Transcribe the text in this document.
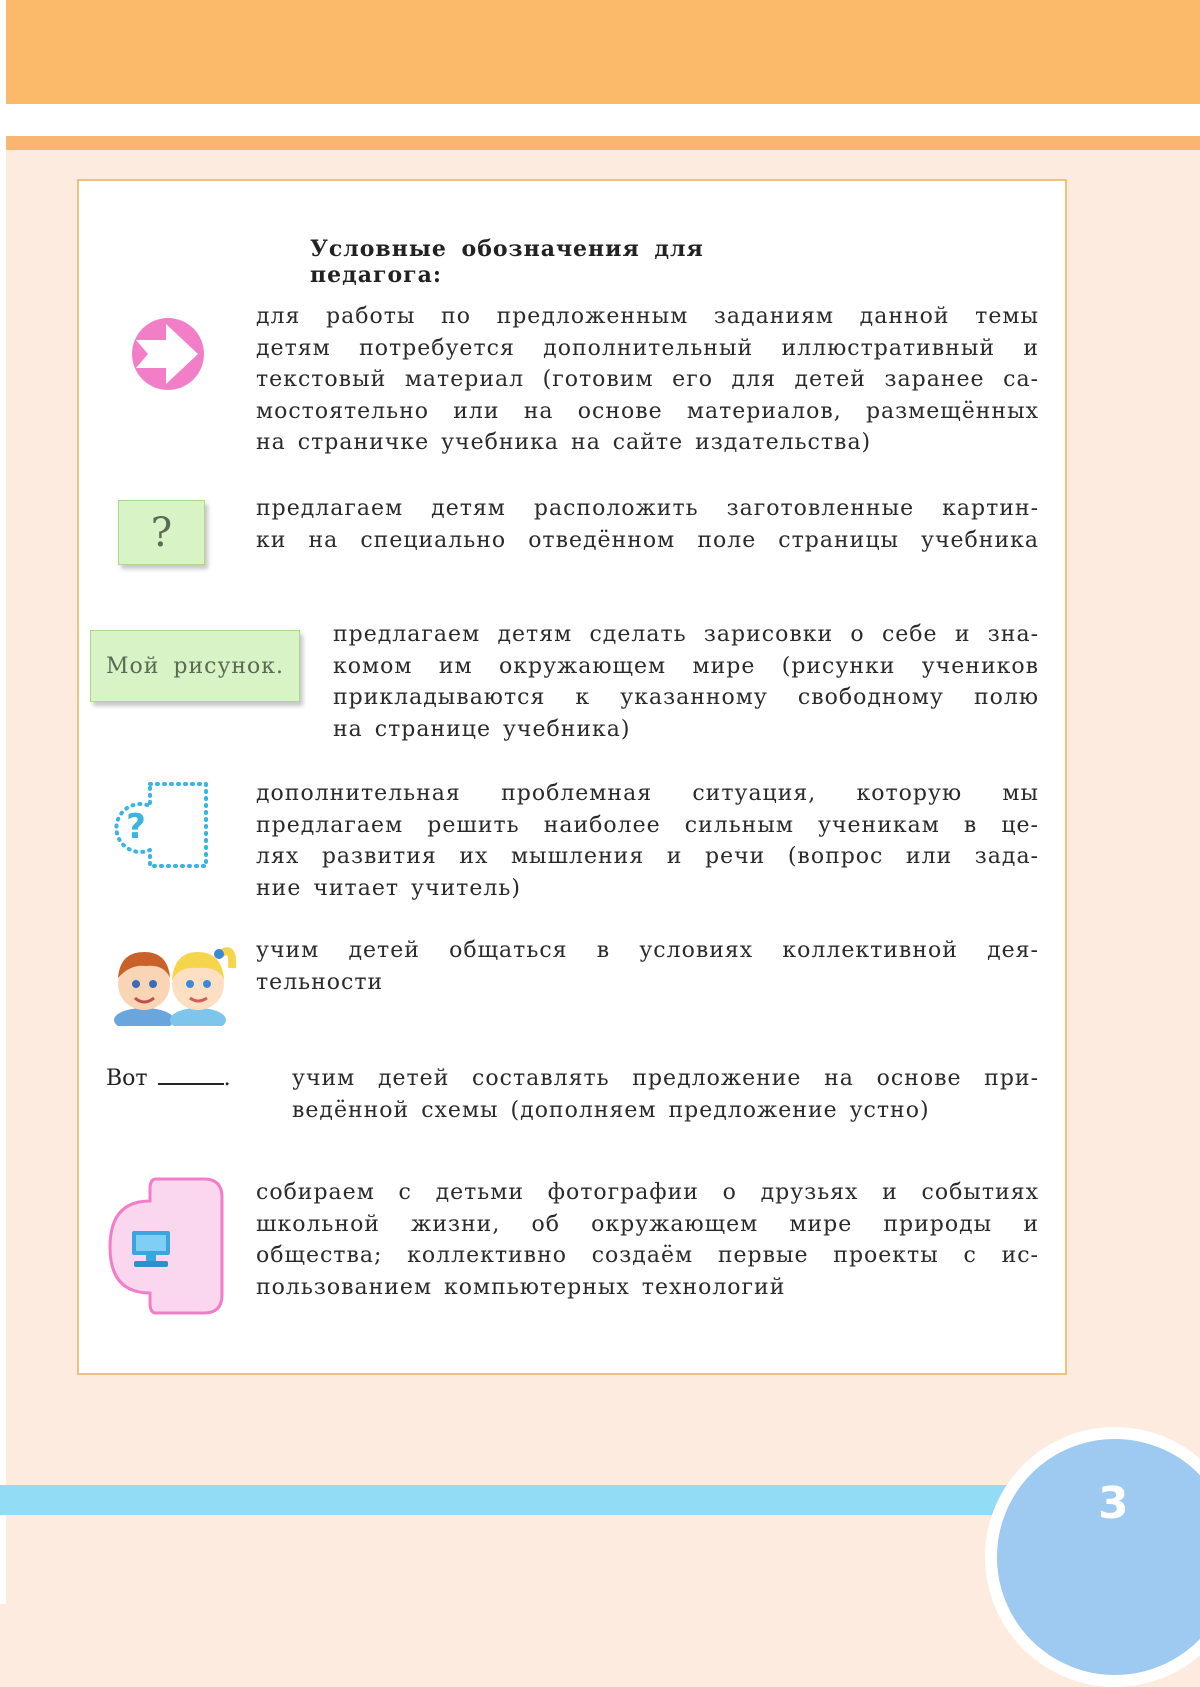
Условные обозначения для педагога:

для работы по предложенным заданиям данной темы
детям потребуется дополнительный иллюстративный и
текстовый материал (готовим его для детей заранее са-
мостоятельно или на основе материалов, размещённых
на страничке учебника на сайте издательства)

?

предлагаем детям расположить заготовленные картин-
ки на специально отведённом поле страницы учебника

Мой рисунок.

предлагаем детям сделать зарисовки о себе и зна-
комом им окружающем мире (рисунки учеников
прикладываются к указанному свободному полю
на странице учебника)

?

дополнительная проблемная ситуация, которую мы
предлагаем решить наиболее сильным ученикам в це-
лях развития их мышления и речи (вопрос или зада-
ние читает учитель)

учим детей общаться в условиях коллективной дея-
тельности

Вот	.	учим детей составлять предложение на основе при-
ведённой схемы (дополняем предложение устно)

собираем с детьми фотографии о друзьях и событиях
школьной жизни, об окружающем мире природы и
общества; коллективно создаём первые проекты с ис-
пользованием компьютерных технологий

3
